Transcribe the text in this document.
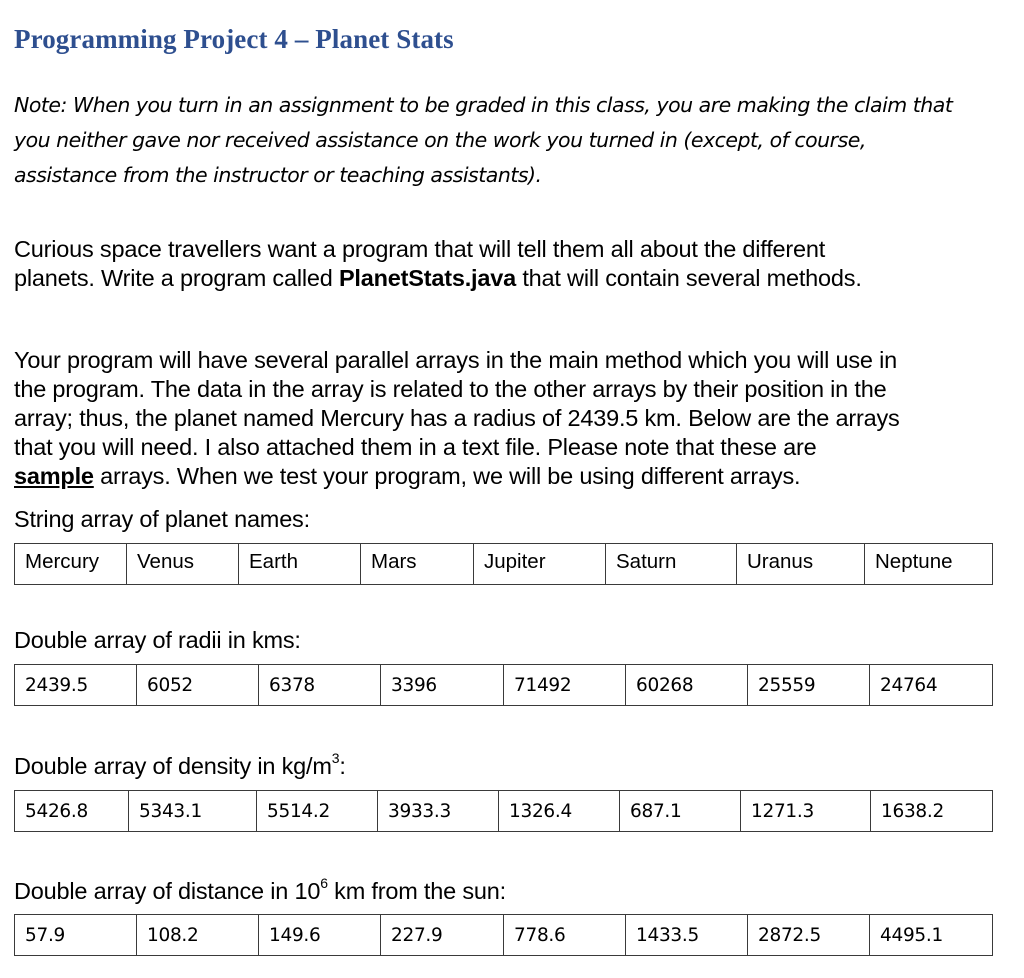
Programming Project 4 – Planet Stats

Note: When you turn in an assignment to be graded in this class, you are making the claim that

you neither gave nor received assistance on the work you turned in (except, of course,

assistance from the instructor or teaching assistants).

Curious space travellers want a program that will tell them all about the different

planets. Write a program called PlanetStats.java that will contain several methods.

Your program will have several parallel arrays in the main method which you will use in

the program. The data in the array is related to the other arrays by their position in the

array; thus, the planet named Mercury has a radius of 2439.5 km. Below are the arrays

that you will need. I also attached them in a text file. Please note that these are

sample arrays. When we test your program, we will be using different arrays.

String array of planet names:
Mercury	Venus	Earth	Mars	Jupiter	Saturn	Uranus	Neptune
Double array of radii in kms:
2439.5	6052	6378	3396	71492	60268	25559	24764
Double array of density in $kg/m^3$:
5426.8	5343.1	5514.2	3933.3	1326.4	687.1	1271.3	1638.2
Double array of distance in $10^6$ km from the sun:
57.9	108.2	149.6	227.9	778.6	1433.5	2872.5	4495.1
